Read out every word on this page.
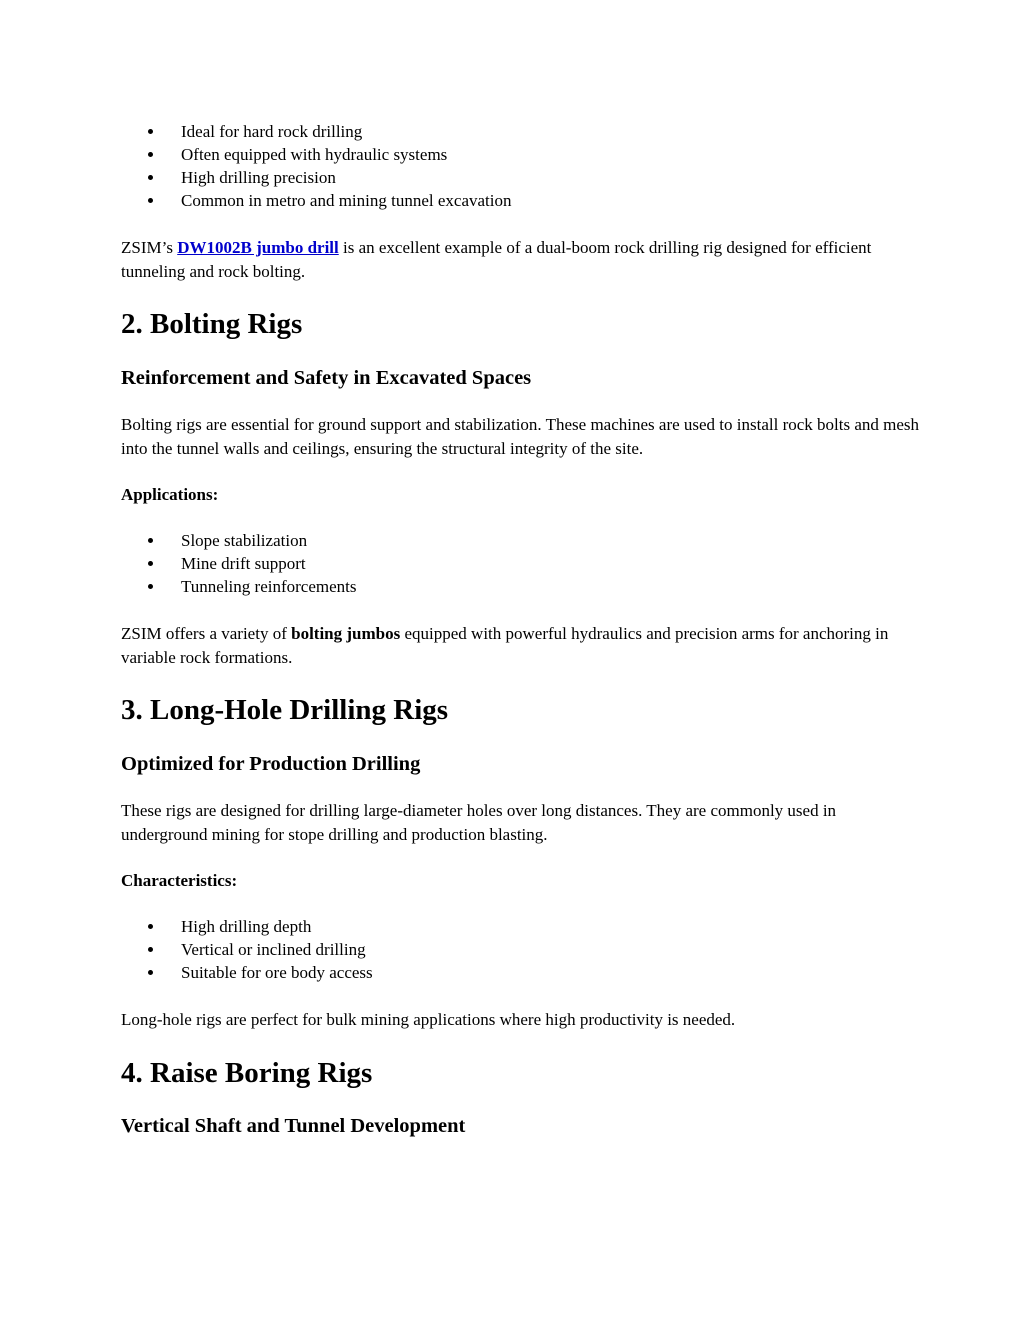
Ideal for hard rock drilling
Often equipped with hydraulic systems
High drilling precision
Common in metro and mining tunnel excavation

ZSIM’s DW1002B jumbo drill is an excellent example of a dual-boom rock drilling rig designed for efficient tunneling and rock bolting.

2. Bolting Rigs
Reinforcement and Safety in Excavated Spaces

Bolting rigs are essential for ground support and stabilization. These machines are used to install rock bolts and mesh into the tunnel walls and ceilings, ensuring the structural integrity of the site.

Applications:
Slope stabilization
Mine drift support
Tunneling reinforcements

ZSIM offers a variety of bolting jumbos equipped with powerful hydraulics and precision arms for anchoring in variable rock formations.

3. Long-Hole Drilling Rigs
Optimized for Production Drilling

These rigs are designed for drilling large-diameter holes over long distances. They are commonly used in underground mining for stope drilling and production blasting.

Characteristics:
High drilling depth
Vertical or inclined drilling
Suitable for ore body access

Long-hole rigs are perfect for bulk mining applications where high productivity is needed.

4. Raise Boring Rigs
Vertical Shaft and Tunnel Development
